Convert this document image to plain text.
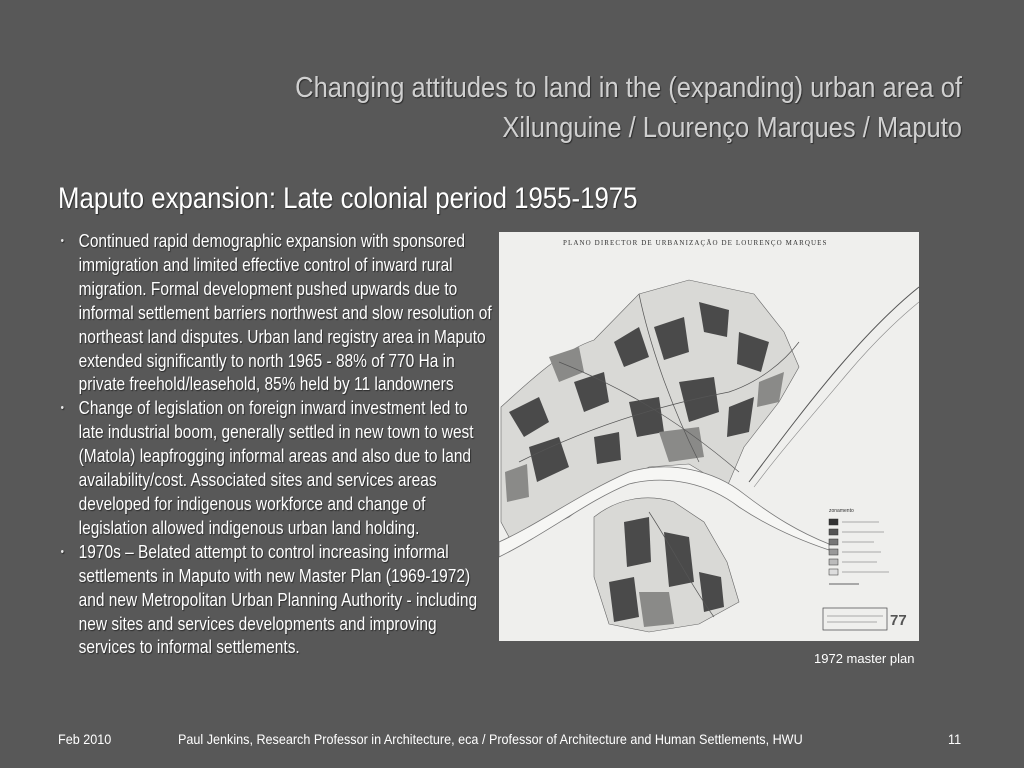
Changing attitudes to land in the (expanding) urban area of
Xilunguine / Lourenço Marques / Maputo
Maputo expansion: Late colonial period 1955-1975
• Continued rapid demographic expansion with sponsored immigration and limited effective control of inward rural migration. Formal development pushed upwards due to informal settlement barriers northwest and slow resolution of northeast land disputes. Urban land registry area in Maputo extended significantly to north 1965 - 88% of 770 Ha in private freehold/leasehold, 85% held by 11 landowners
• Change of legislation on foreign inward investment led to late industrial boom, generally settled in new town to west (Matola) leapfrogging informal areas and also due to land availability/cost. Associated sites and services areas developed for indigenous workforce and change of legislation allowed indigenous urban land holding.
• 1970s – Belated attempt to control increasing informal settlements in Maputo with new Master Plan (1969-1972) and new Metropolitan Urban Planning Authority - including new sites and services developments and improving services to informal settlements.
PLANO DIRECTOR DE URBANIZAÇÃO DE LOURENÇO MARQUES
zonamento
77
1972 master plan
Feb 2010	Paul Jenkins, Research Professor in Architecture, eca / Professor of Architecture and Human Settlements, HWU	11
